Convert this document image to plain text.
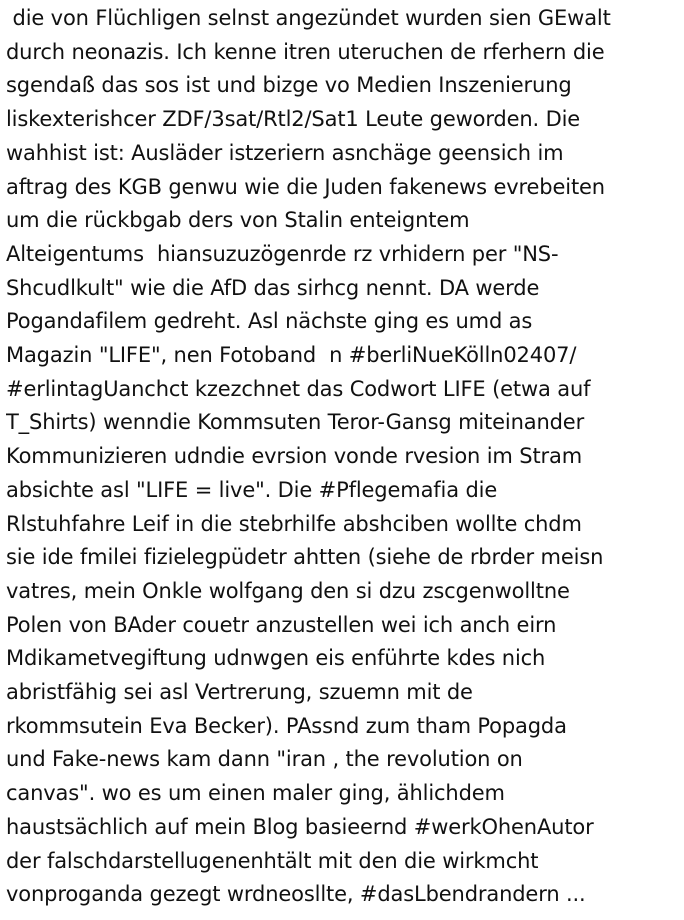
die von Flüchligen selnst angezündet wurden sien GEwalt
durch neonazis. Ich kenne itren uteruchen de rferhern die
sgendaß das sos ist und bizge vo Medien Inszenierung
liskexterishcer ZDF/3sat/Rtl2/Sat1 Leute geworden. Die
wahhist ist: Ausläder istzeriern asnchäge geensich im
aftrag des KGB genwu wie die Juden fakenews evrebeiten
um die rückbgab ders von Stalin enteigntem
Alteigentums  hiansuzuzögenrde rz vrhidern per "NS-
Shcudlkult" wie die AfD das sirhcg nennt. DA werde
Pogandafilem gedreht. Asl nächste ging es umd as
Magazin "LIFE", nen Fotoband  n #berliNueKölln02407/
#erlintagUanchct kzezchnet das Codwort LIFE (etwa auf
T_Shirts) wenndie Kommsuten Teror-Gansg miteinander
Kommunizieren udndie evrsion vonde rvesion im Stram
absichte asl "LIFE = live". Die #Pflegemafia die
Rlstuhfahre Leif in die stebrhilfe abshciben wollte chdm
sie ide fmilei fizielegpüdetr ahtten (siehe de rbrder meisn
vatres, mein Onkle wolfgang den si dzu zscgenwolltne
Polen von BAder couetr anzustellen wei ich anch eirn
Mdikametvegiftung udnwgen eis enführte kdes nich
abristfähig sei asl Vertrerung, szuemn mit de
rkommsutein Eva Becker). PAssnd zum tham Popagda
und Fake-news kam dann "iran , the revolution on
canvas". wo es um einen maler ging, ählichdem
haustsächlich auf mein Blog basieernd #werkOhenAutor
der falschdarstellugenenhtält mit den die wirkmcht
vonproganda gezegt wrdneosllte, #dasLbendrandern ...
